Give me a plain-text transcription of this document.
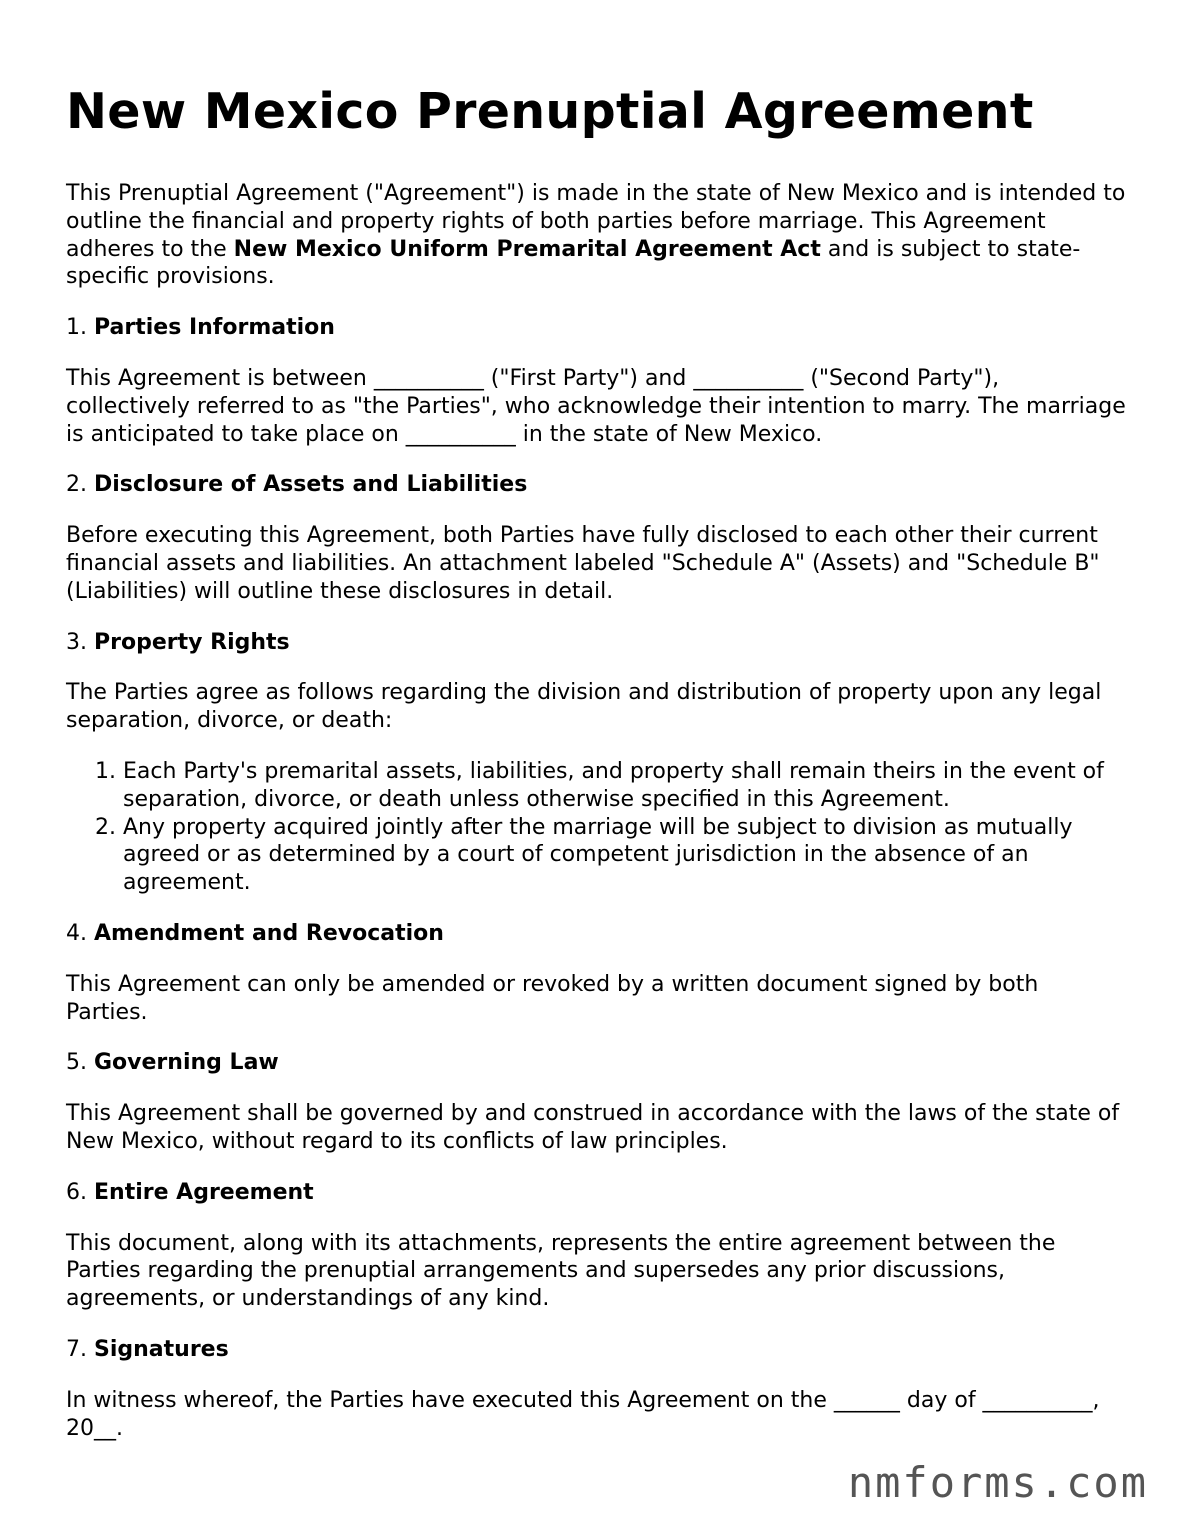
New Mexico Prenuptial Agreement

This Prenuptial Agreement ("Agreement") is made in the state of New Mexico and is intended to outline the financial and property rights of both parties before marriage. This Agreement adheres to the New Mexico Uniform Premarital Agreement Act and is subject to state-specific provisions.

1. Parties Information

This Agreement is between __________ ("First Party") and __________ ("Second Party"), collectively referred to as "the Parties", who acknowledge their intention to marry. The marriage is anticipated to take place on __________ in the state of New Mexico.

2. Disclosure of Assets and Liabilities

Before executing this Agreement, both Parties have fully disclosed to each other their current financial assets and liabilities. An attachment labeled "Schedule A" (Assets) and "Schedule B" (Liabilities) will outline these disclosures in detail.

3. Property Rights

The Parties agree as follows regarding the division and distribution of property upon any legal separation, divorce, or death:

1. Each Party's premarital assets, liabilities, and property shall remain theirs in the event of separation, divorce, or death unless otherwise specified in this Agreement.
2. Any property acquired jointly after the marriage will be subject to division as mutually agreed or as determined by a court of competent jurisdiction in the absence of an agreement.
4. Amendment and Revocation

This Agreement can only be amended or revoked by a written document signed by both Parties.

5. Governing Law

This Agreement shall be governed by and construed in accordance with the laws of the state of New Mexico, without regard to its conflicts of law principles.

6. Entire Agreement

This document, along with its attachments, represents the entire agreement between the Parties regarding the prenuptial arrangements and supersedes any prior discussions, agreements, or understandings of any kind.

7. Signatures

In witness whereof, the Parties have executed this Agreement on the ______ day of __________, 20__.

nmforms.com
